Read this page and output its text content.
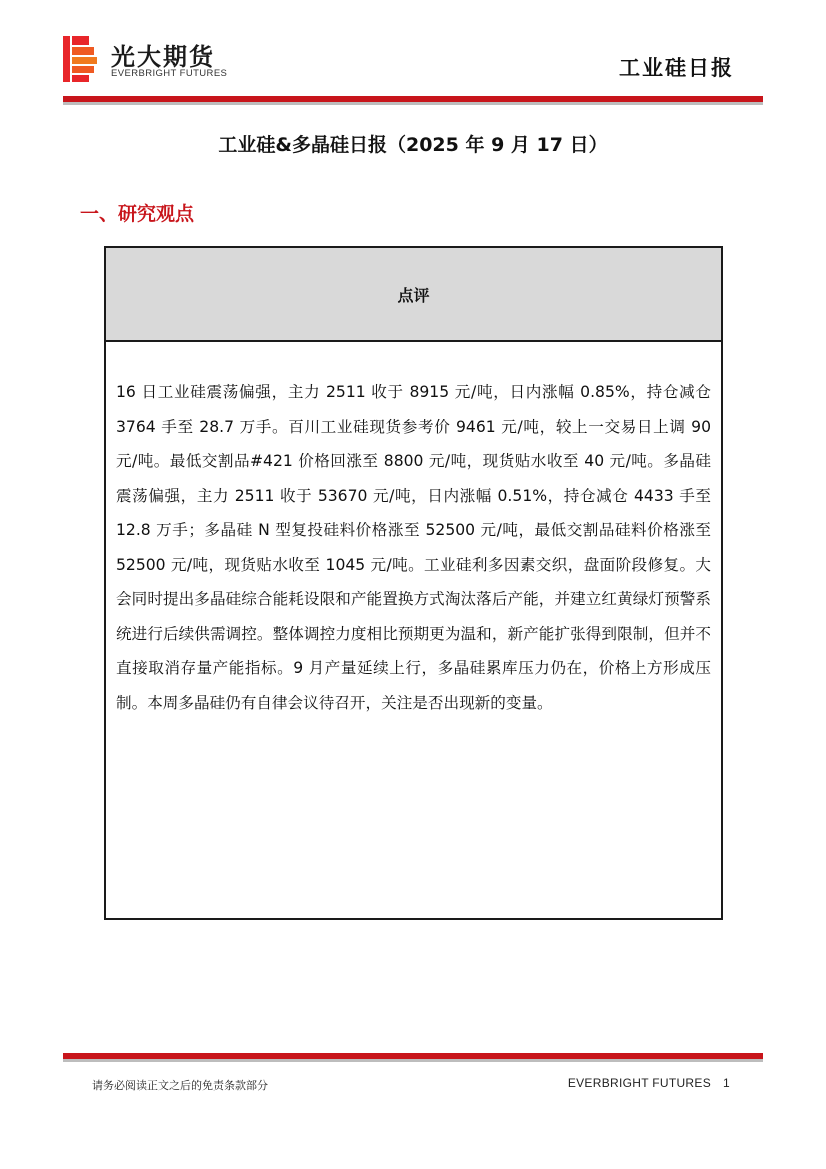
光大期货
EVERBRIGHT FUTURES	工业硅日报
工业硅&多晶硅日报（2025 年 9 月 17 日）
一、研究观点
点评
16 日工业硅震荡偏强，主力 2511 收于 8915 元/吨，日内涨幅 0.85%，持仓减仓 3764 手至 28.7 万手。百川工业硅现货参考价 9461 元/吨，较上一交易日上调 90 元/吨。最低交割品#421 价格回涨至 8800 元/吨，现货贴水收至 40 元/吨。多晶硅震荡偏强，主力 2511 收于 53670 元/吨，日内涨幅 0.51%，持仓减仓 4433 手至 12.8 万手；多晶硅 N 型复投硅料价格涨至 52500 元/吨，最低交割品硅料价格涨至 52500 元/吨，现货贴水收至 1045 元/吨。工业硅利多因素交织，盘面阶段修复。大会同时提出多晶硅综合能耗设限和产能置换方式淘汰落后产能，并建立红黄绿灯预警系统进行后续供需调控。整体调控力度相比预期更为温和，新产能扩张得到限制，但并不直接取消存量产能指标。9 月产量延续上行，多晶硅累库压力仍在，价格上方形成压制。本周多晶硅仍有自律会议待召开，关注是否出现新的变量。
请务必阅读正文之后的免责条款部分	EVERBRIGHT FUTURES 1
